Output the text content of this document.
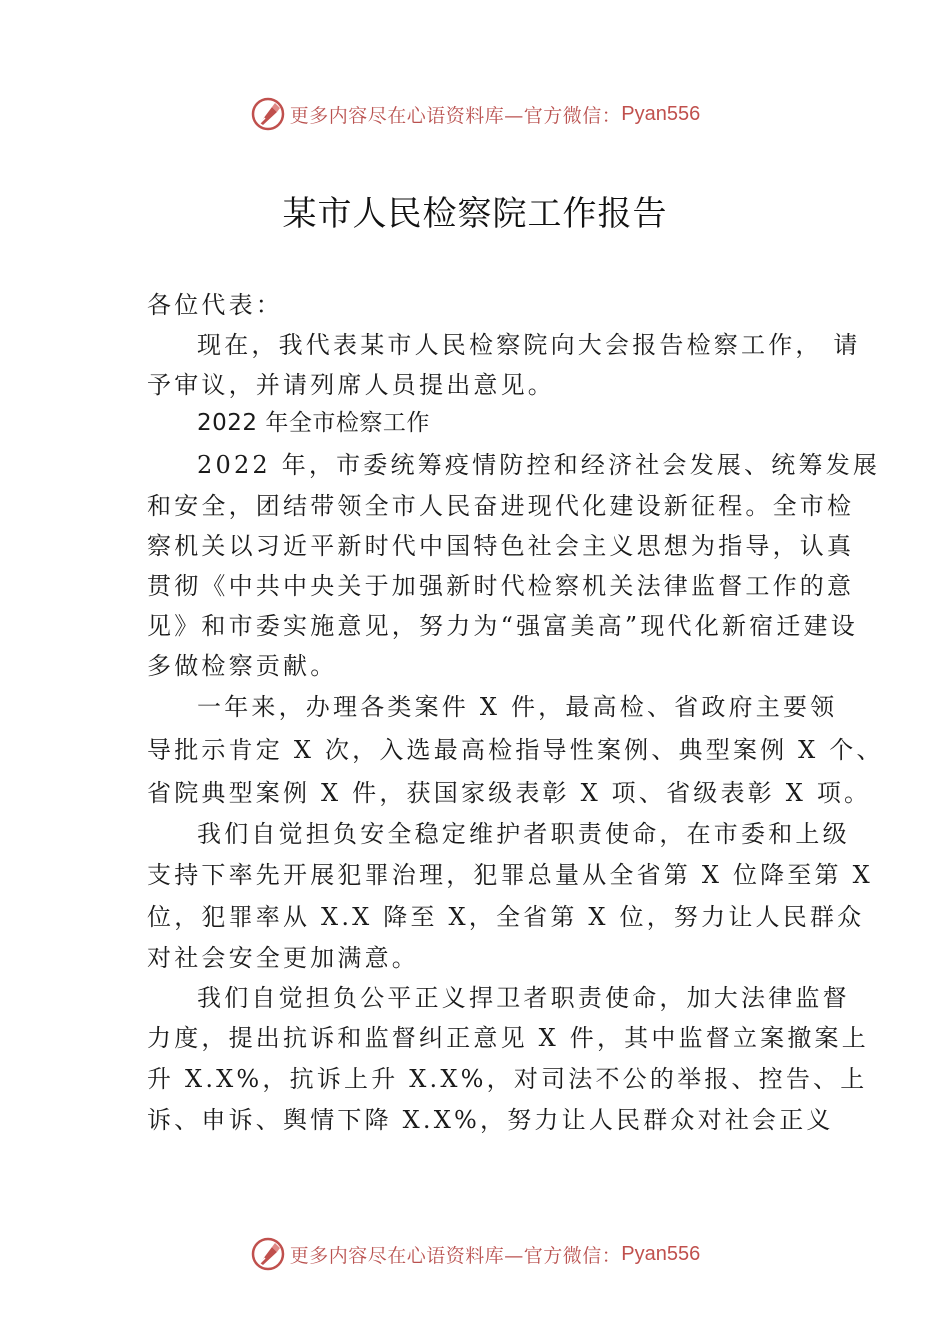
更多内容尽在心语资料库—官方微信： Pyan556
某市人民检察院工作报告
各位代表：
现在，我代表某市人民检察院向大会报告检察工作， 请
予审议，并请列席人员提出意见。
2022 年全市检察工作
2022 年，市委统筹疫情防控和经济社会发展、统筹发展
和安全，团结带领全市人民奋进现代化建设新征程。全市检
察机关以习近平新时代中国特色社会主义思想为指导，认真
贯彻《中共中央关于加强新时代检察机关法律监督工作的意
见》和市委实施意见，努力为“强富美高”现代化新宿迁建设
多做检察贡献。
一年来，办理各类案件 X 件，最高检、省政府主要领
导批示肯定 X 次，入选最高检指导性案例、典型案例 X 个、
省院典型案例 X 件，获国家级表彰 X 项、省级表彰 X 项。
我们自觉担负安全稳定维护者职责使命，在市委和上级
支持下率先开展犯罪治理，犯罪总量从全省第 X 位降至第 X
位，犯罪率从 X.X 降至 X，全省第 X 位，努力让人民群众
对社会安全更加满意。
我们自觉担负公平正义捍卫者职责使命，加大法律监督
力度，提出抗诉和监督纠正意见 X 件，其中监督立案撤案上
升 X.X%，抗诉上升 X.X%，对司法不公的举报、控告、上
诉、申诉、舆情下降 X.X%，努力让人民群众对社会正义
更多内容尽在心语资料库—官方微信： Pyan556
